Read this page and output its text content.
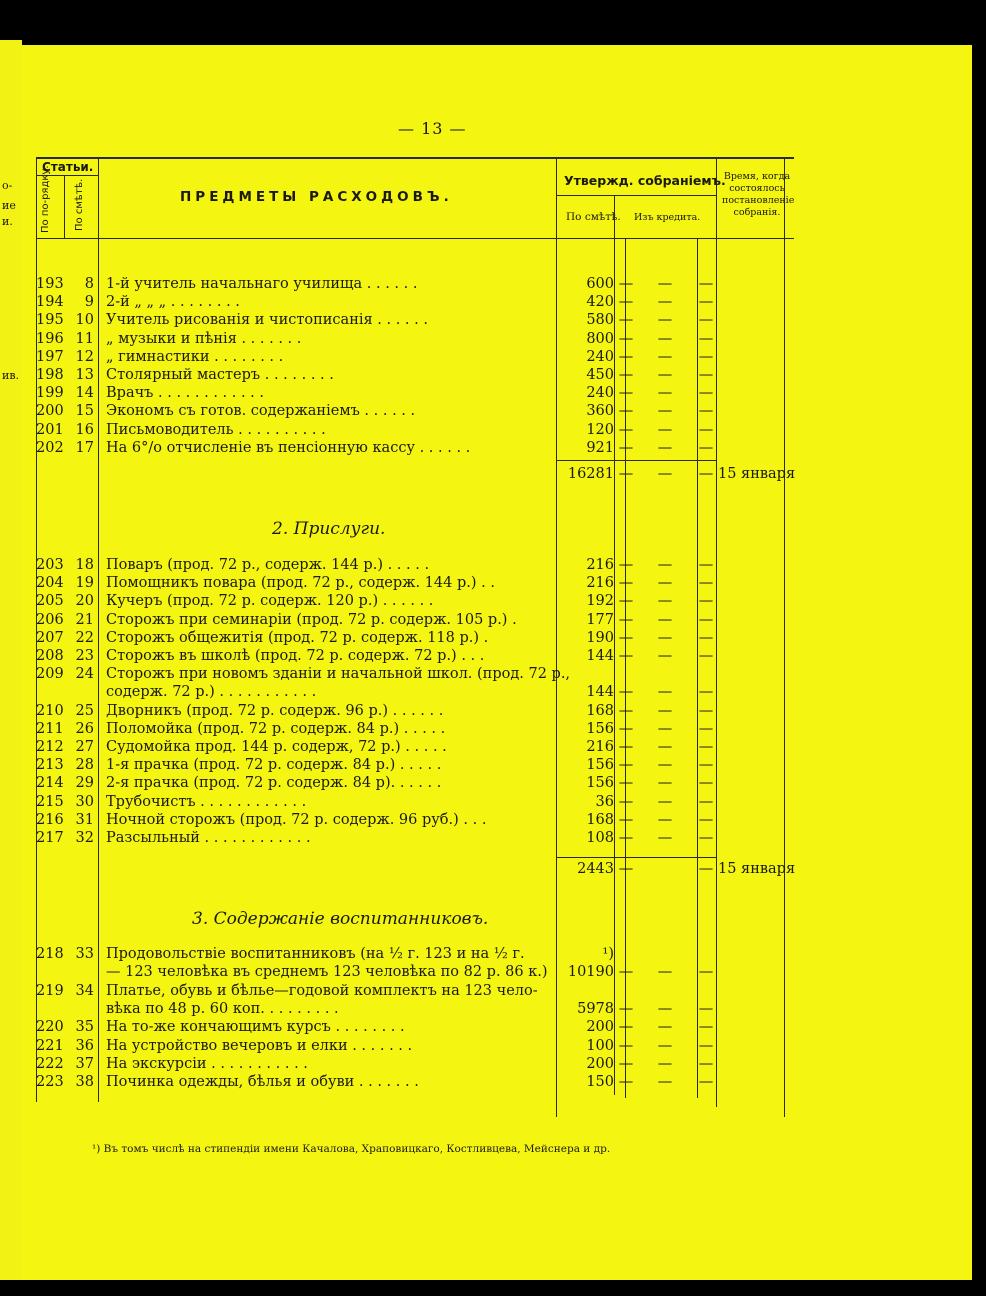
о-
ие
и.
ив.
— 13 —
Статьи.
По по-рядку. По смѣтѣ.	ПРЕДМЕТЫ РАСХОДОВЪ.
Утвержд. собраніемъ.
По смѣтѣ. Изъ кредита.
Время, когда состоялось постановленіе собранія.
193	8 1-й учитель начальнаго училища . . . . . .	600 —	—	—
194	9 2-й „ „ „ . . . . . . . .	420 —	—	—
195 10 Учитель рисованія и чистописанія . . . . . .	580 —	—	—
196 11 „ музыки и пѣнія . . . . . . .	800 —	—	—
197 12 „ гимнастики . . . . . . . .	240 —	—	—
198 13 Столярный мастеръ . . . . . . . .	450 —	—	—
199 14 Врачъ . . . . . . . . . . . .	240 —	—	—
200 15 Экономъ съ готов. содержаніемъ . . . . . .	360 —	—	—
201 16 Письмоводитель . . . . . . . . . .	120 —	—	—
202 17 На 6°/о отчисленіе въ пенсіонную кассу . . . . . .	921 —	—	—
16281 —	—	— 15 января
2. Прислуги.
203 18 Поваръ (прод. 72 р., содерж. 144 р.) . . . . .	216 —	—	—
204 19 Помощникъ повара (прод. 72 р., содерж. 144 р.) . .	216 —	—	—
205 20 Кучеръ (прод. 72 р. содерж. 120 р.) . . . . . .	192 —	—	—
206 21 Сторожъ при семинаріи (прод. 72 р. содерж. 105 р.) .	177 —	—	—
207 22 Сторожъ общежитія (прод. 72 р. содерж. 118 р.) .	190 —	—	—
208 23 Сторожъ въ школѣ (прод. 72 р. содерж. 72 р.) . . .	144 —	—	—
209 24 Сторожъ при новомъ зданіи и начальной школ. (прод. 72 р.,
содерж. 72 р.) . . . . . . . . . . .	144 —	—	—
210 25 Дворникъ (прод. 72 р. содерж. 96 р.) . . . . . .	168 —	—	—
211 26 Поломойка (прод. 72 р. содерж. 84 р.) . . . . .	156 —	—	—
212 27 Судомойка прод. 144 р. содерж, 72 р.) . . . . .	216 —	—	—
213 28 1-я прачка (прод. 72 р. содерж. 84 р.) . . . . .	156 —	—	—
214 29 2-я прачка (прод. 72 р. содерж. 84 р). . . . . .	156 —	—	—
215 30 Трубочистъ . . . . . . . . . . . .	36 —	—	—
216 31 Ночной сторожъ (прод. 72 р. содерж. 96 руб.) . . .	168 —	—	—
217 32 Разсыльный . . . . . . . . . . . .	108 —	—	—
2443 —	— 15 января
3. Содержаніе воспитанниковъ.
218 33 Продовольствіе воспитанниковъ (на ½ г. 123 и на ½ г.	¹)
— 123 человѣка въ среднемъ 123 человѣка по 82 р. 86 к.)	10190 —	—	—
219 34 Платье, обувь и бѣлье—годовой комплектъ на 123 чело-
вѣка по 48 р. 60 коп. . . . . . . . .	5978 —	—	—
220 35 На то-же кончающимъ курсъ . . . . . . . .	200 —	—	—
221 36 На устройство вечеровъ и елки . . . . . . .	100 —	—	—
222 37 На экскурсіи . . . . . . . . . . .	200 —	—	—
223 38 Починка одежды, бѣлья и обуви . . . . . . .	150 —	—	—
¹) Въ томъ числѣ на стипендіи имени Качалова, Храповицкаго, Костливцева, Мейснера и др.
